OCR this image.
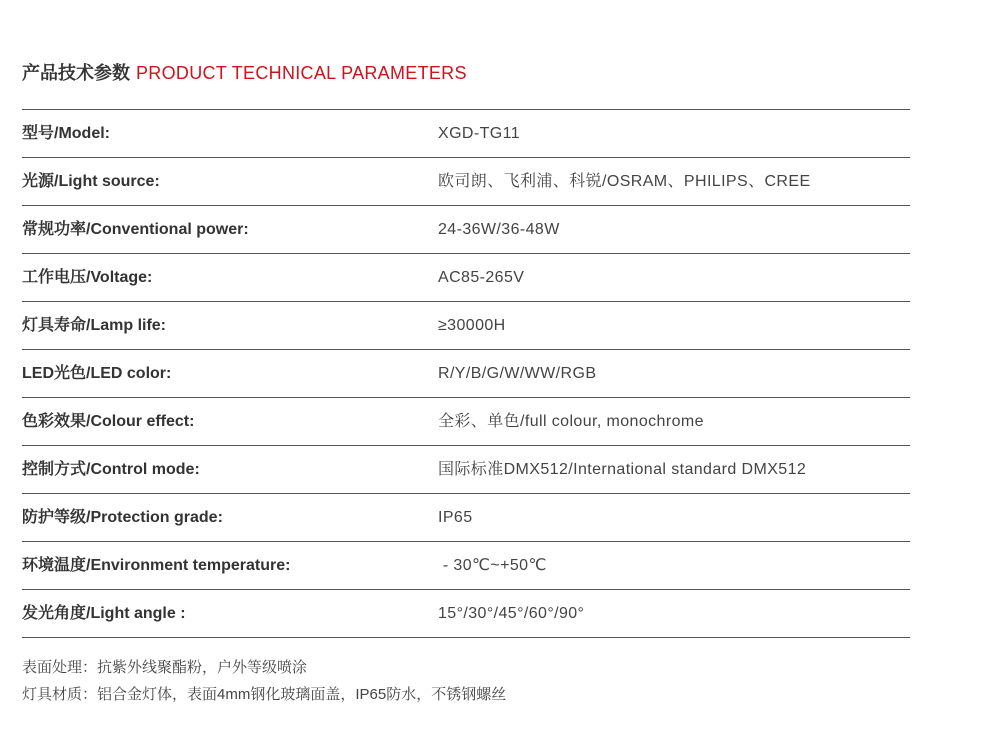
产品技术参数 PRODUCT TECHNICAL PARAMETERS
型号/Model:	XGD-TG11
光源/Light source:	欧司朗、飞利浦、科锐/OSRAM、PHILIPS、CREE
常规功率/Conventional power:	24-36W/36-48W
工作电压/Voltage:	AC85-265V
灯具寿命/Lamp life:	≥30000H
LED光色/LED color:	R/Y/B/G/W/WW/RGB
色彩效果/Colour effect:	全彩、单色/full colour, monochrome
控制方式/Control mode:	国际标准DMX512/International standard DMX512
防护等级/Protection grade:	IP65
环境温度/Environment temperature:	- 30℃~+50℃
发光角度/Light angle :	15°/30°/45°/60°/90°
表面处理：抗紫外线聚酯粉，户外等级喷涂
灯具材质：铝合金灯体，表面4mm钢化玻璃面盖，IP65防水，不锈钢螺丝
